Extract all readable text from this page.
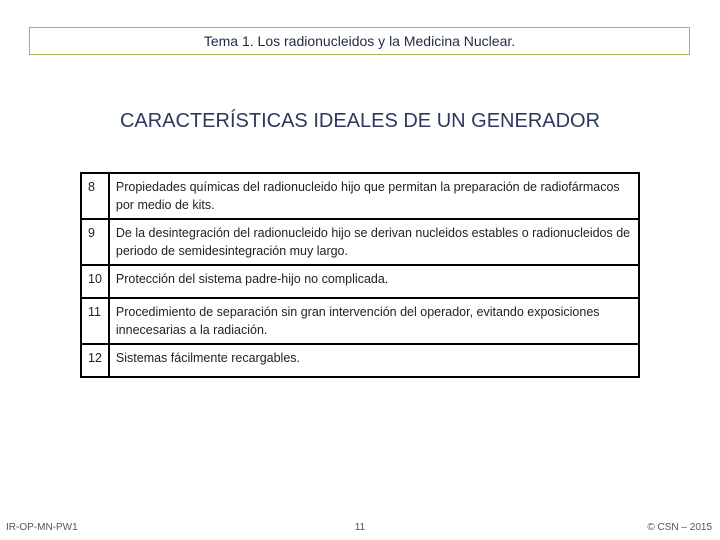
Tema 1. Los radionucleidos y la Medicina Nuclear.
CARACTERÍSTICAS IDEALES DE UN GENERADOR
8	Propiedades químicas del radionucleido hijo que permitan la preparación de radiofármacos por medio de kits.
9	De la desintegración del radionucleido hijo se derivan nucleidos estables o radionucleidos de periodo de semidesintegración muy largo.
10	Protección del sistema padre-hijo no complicada.
11	Procedimiento de separación sin gran intervención del operador, evitando exposiciones innecesarias a la radiación.
12	Sistemas fácilmente recargables.
IR-OP-MN-PW1	11	© CSN – 2015
